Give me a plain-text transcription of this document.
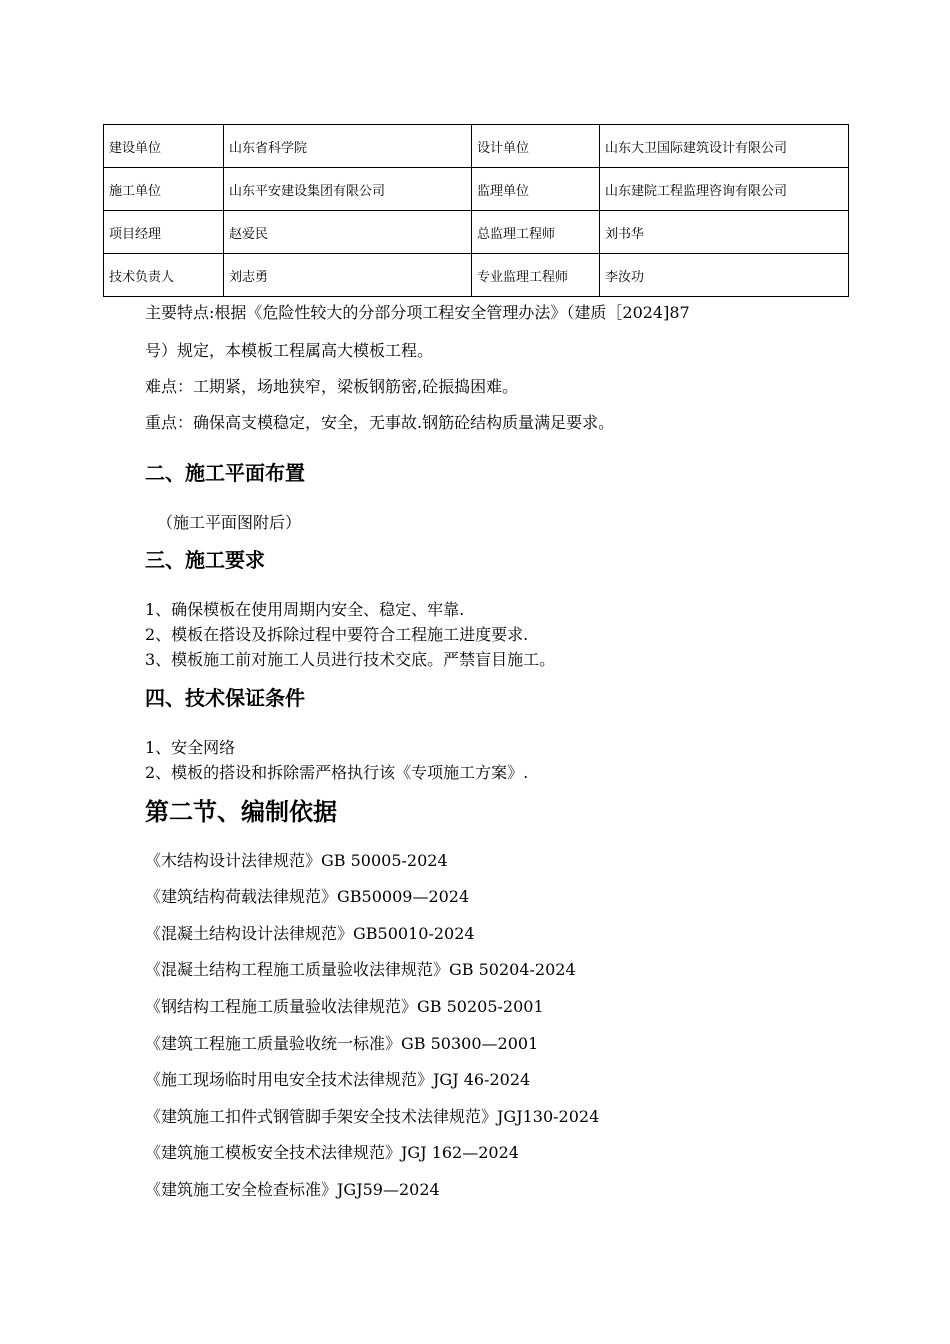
建设单位	山东省科学院	设计单位	山东大卫国际建筑设计有限公司
施工单位	山东平安建设集团有限公司	监理单位	山东建院工程监理咨询有限公司
项目经理	赵爱民	总监理工程师	刘书华
技术负责人	刘志勇	专业监理工程师	李汝功
主要特点:根据《危险性较大的分部分项工程安全管理办法》（建质［2024]87
号）规定，本模板工程属高大模板工程。
难点：工期紧，场地狭窄，梁板钢筋密,砼振捣困难。
重点：确保高支模稳定，安全，无事故.钢筋砼结构质量满足要求。
二、施工平面布置
（施工平面图附后）
三、施工要求
1、确保模板在使用周期内安全、稳定、牢靠.
2、模板在搭设及拆除过程中要符合工程施工进度要求.
3、模板施工前对施工人员进行技术交底。严禁盲目施工。
四、技术保证条件
1、安全网络
2、模板的搭设和拆除需严格执行该《专项施工方案》.
第二节、编制依据
《木结构设计法律规范》GB 50005-2024
《建筑结构荷载法律规范》GB50009—2024
《混凝土结构设计法律规范》GB50010-2024
《混凝土结构工程施工质量验收法律规范》GB 50204-2024
《钢结构工程施工质量验收法律规范》GB 50205-2001
《建筑工程施工质量验收统一标准》GB 50300—2001
《施工现场临时用电安全技术法律规范》JGJ 46-2024
《建筑施工扣件式钢管脚手架安全技术法律规范》JGJ130-2024
《建筑施工模板安全技术法律规范》JGJ 162—2024
《建筑施工安全检查标准》JGJ59—2024
